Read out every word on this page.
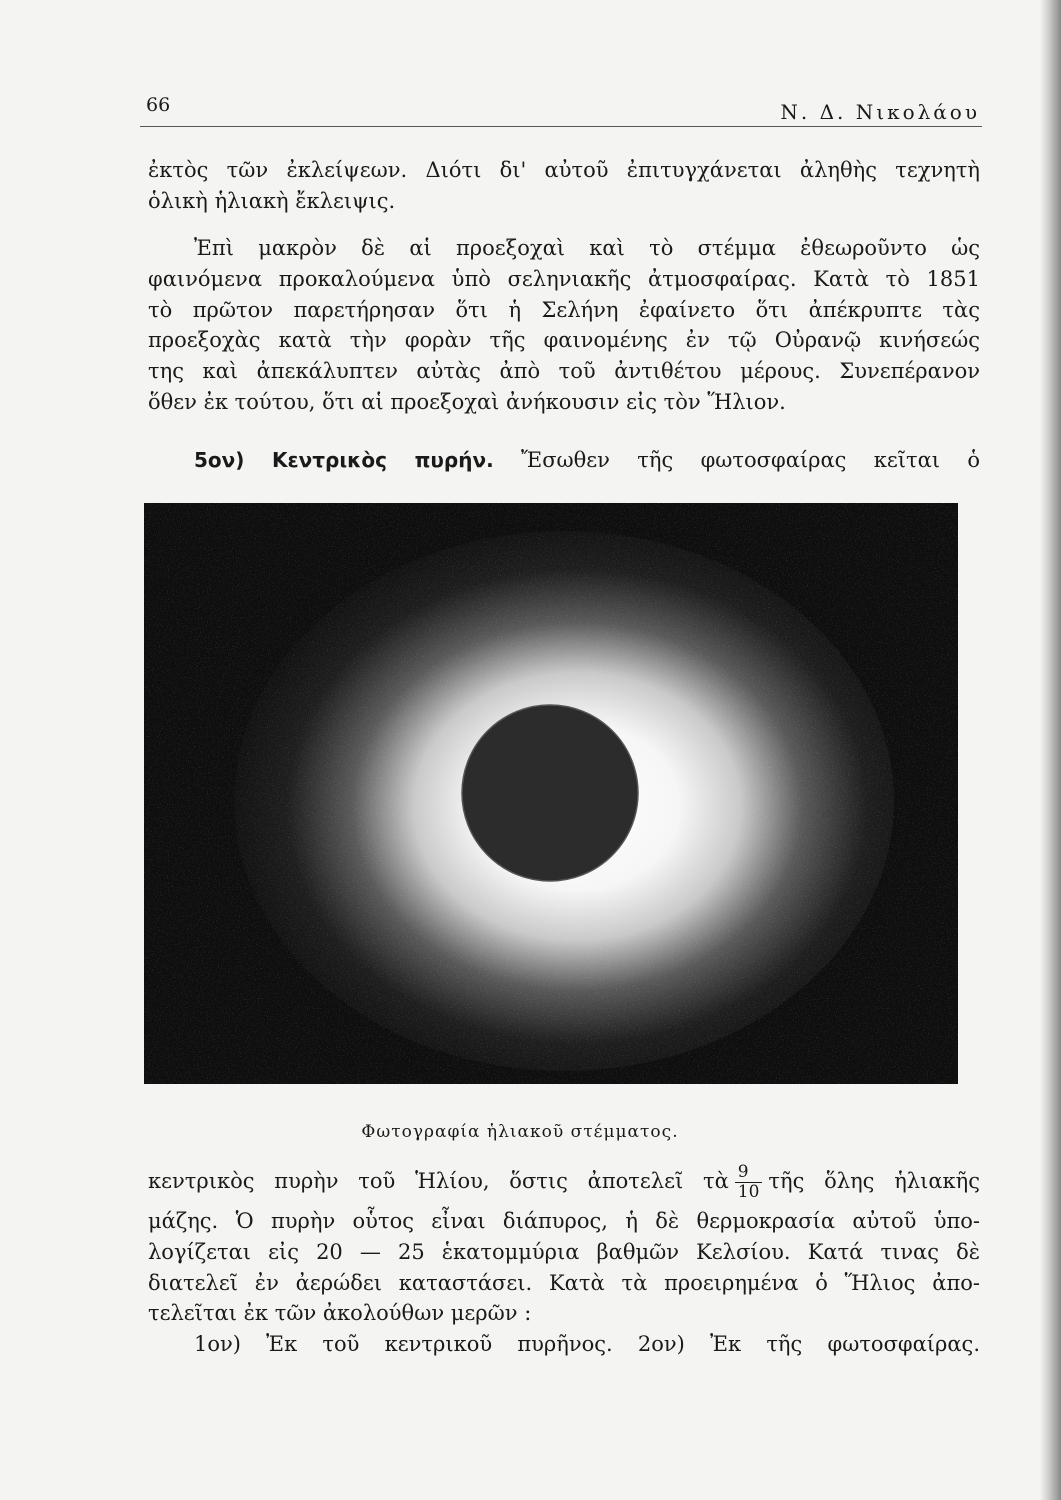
66	Ν. Δ. Νικολάου
ἐκτὸς τῶν ἐκλείψεων. Διότι δι' αὐτοῦ ἐπιτυγχάνεται ἀληθὴς τεχνητὴ
ὁλικὴ ἡλιακὴ ἔκλειψις.
Ἐπὶ μακρὸν δὲ αἱ προεξοχαὶ καὶ τὸ στέμμα ἐθεωροῦντο ὡς
φαινόμενα προκαλούμενα ὑπὸ σεληνιακῆς ἀτμοσφαίρας. Κατὰ τὸ 1851
τὸ πρῶτον παρετήρησαν ὅτι ἡ Σελήνη ἐφαίνετο ὅτι ἀπέκρυπτε τὰς
προεξοχὰς κατὰ τὴν φορὰν τῆς φαινομένης ἐν τῷ Οὐρανῷ κινήσεώς
της καὶ ἀπεκάλυπτεν αὐτὰς ἀπὸ τοῦ ἀντιθέτου μέρους. Συνεπέρανον
ὅθεν ἐκ τούτου, ὅτι αἱ προεξοχαὶ ἀνήκουσιν εἰς τὸν Ἥλιον.
5ον) Κεντρικὸς πυρήν. Ἔσωθεν τῆς φωτοσφαίρας κεῖται ὁ
Φωτογραφία ἡλιακοῦ στέμματος.
κεντρικὸς πυρὴν τοῦ Ἡλίου, ὅστις ἀποτελεῖ τὰ $\frac{9}{10}$ τῆς ὅλης ἡλιακῆς
μάζης. Ὁ πυρὴν οὗτος εἶναι διάπυρος, ἡ δὲ θερμοκρασία αὐτοῦ ὑπο-
λογίζεται εἰς 20 — 25 ἑκατομμύρια βαθμῶν Κελσίου. Κατά τινας δὲ
διατελεῖ ἐν ἀερώδει καταστάσει. Κατὰ τὰ προειρημένα ὁ Ἥλιος ἀπο-
τελεῖται ἐκ τῶν ἀκολούθων μερῶν :
1ον) Ἐκ τοῦ κεντρικοῦ πυρῆνος. 2ον) Ἐκ τῆς φωτοσφαίρας.
